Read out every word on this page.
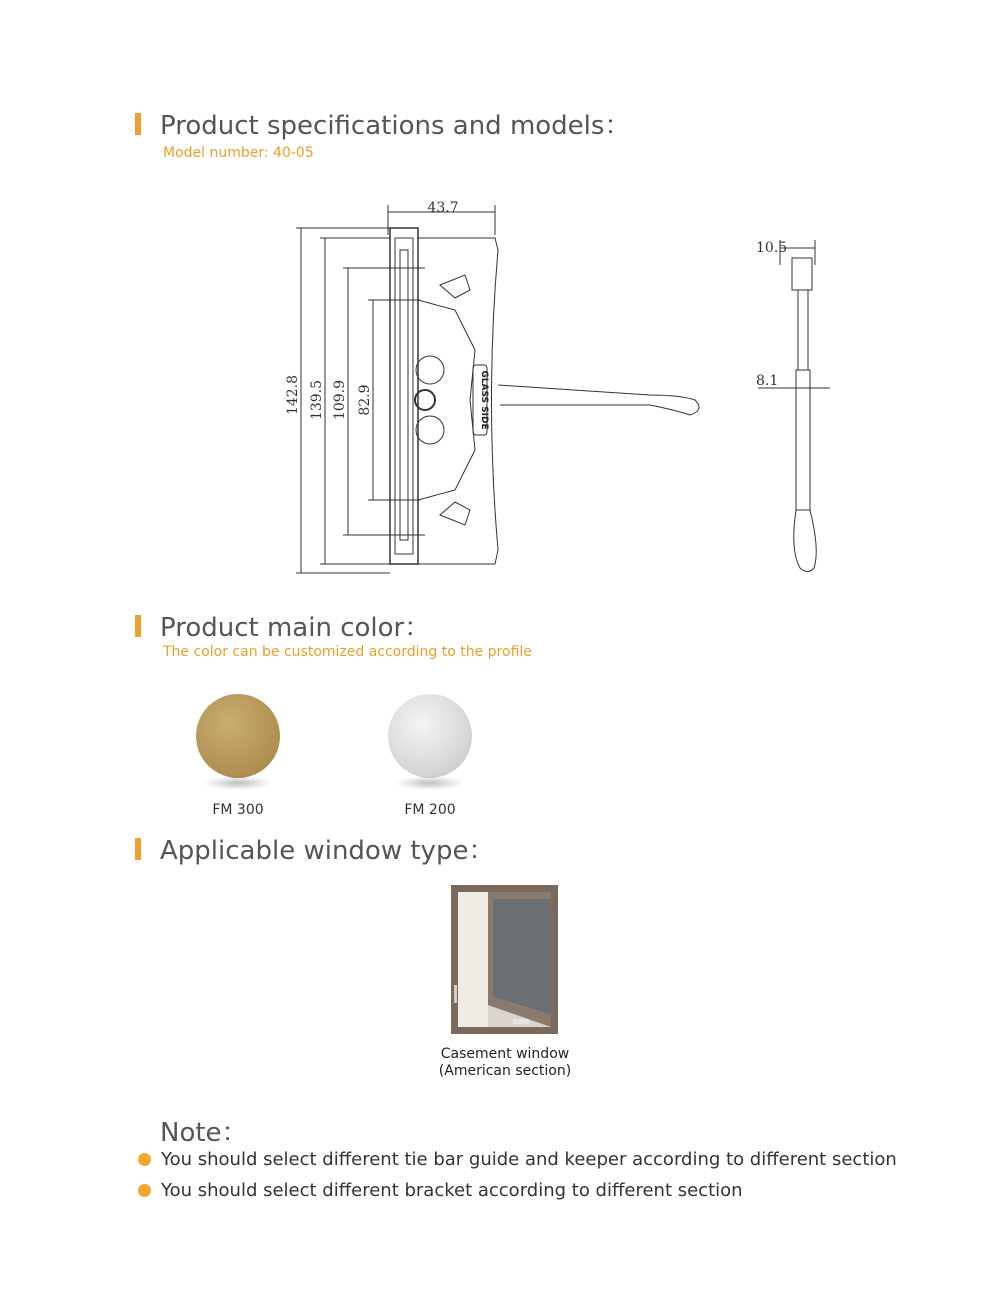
Product specifications and models：
Model number: 40-05
43.7
142.8 139.5 109.9 82.9	GLASS SIDE
10.5
8.1
Product main color：
The color can be customized according to the profile
FM 300	FM 200
Applicable window type：
Casement window
(American section)
Note：
You should select different tie bar guide and keeper according to different section
You should select different bracket according to different section
